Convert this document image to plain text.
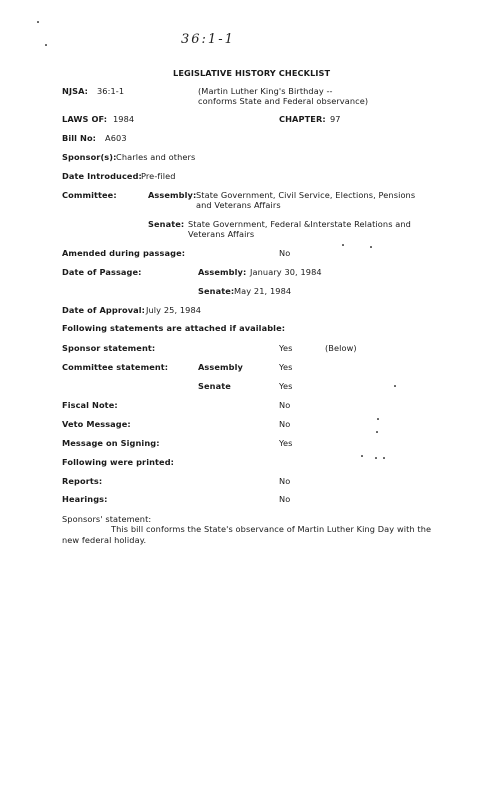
36:1-1
LEGISLATIVE HISTORY CHECKLIST
NJSA: 36:1-1	(Martin Luther King's Birthday --
conforms State and Federal observance)
LAWS OF: 1984	CHAPTER: 97
Bill No: A603
Sponsor(s): Charles and others
Date Introduced: Pre-filed
Committee:	Assembly: State Government, Civil Service, Elections, Pensions
and Veterans Affairs
Senate: State Government, Federal &Interstate Relations and
Veterans Affairs
Amended during passage:	No
Date of Passage:	Assembly: January 30, 1984
Senate: May 21, 1984
Date of Approval: July 25, 1984
Following statements are attached if available:
Sponsor statement:	Yes	(Below)
Committee statement:	Assembly	Yes
Senate	Yes
Fiscal Note:	No
Veto Message:	No
Message on Signing:	Yes
Following were printed:
Reports:	No
Hearings:	No
Sponsors' statement:
This bill conforms the State's observance of Martin Luther King Day with the
new federal holiday.
